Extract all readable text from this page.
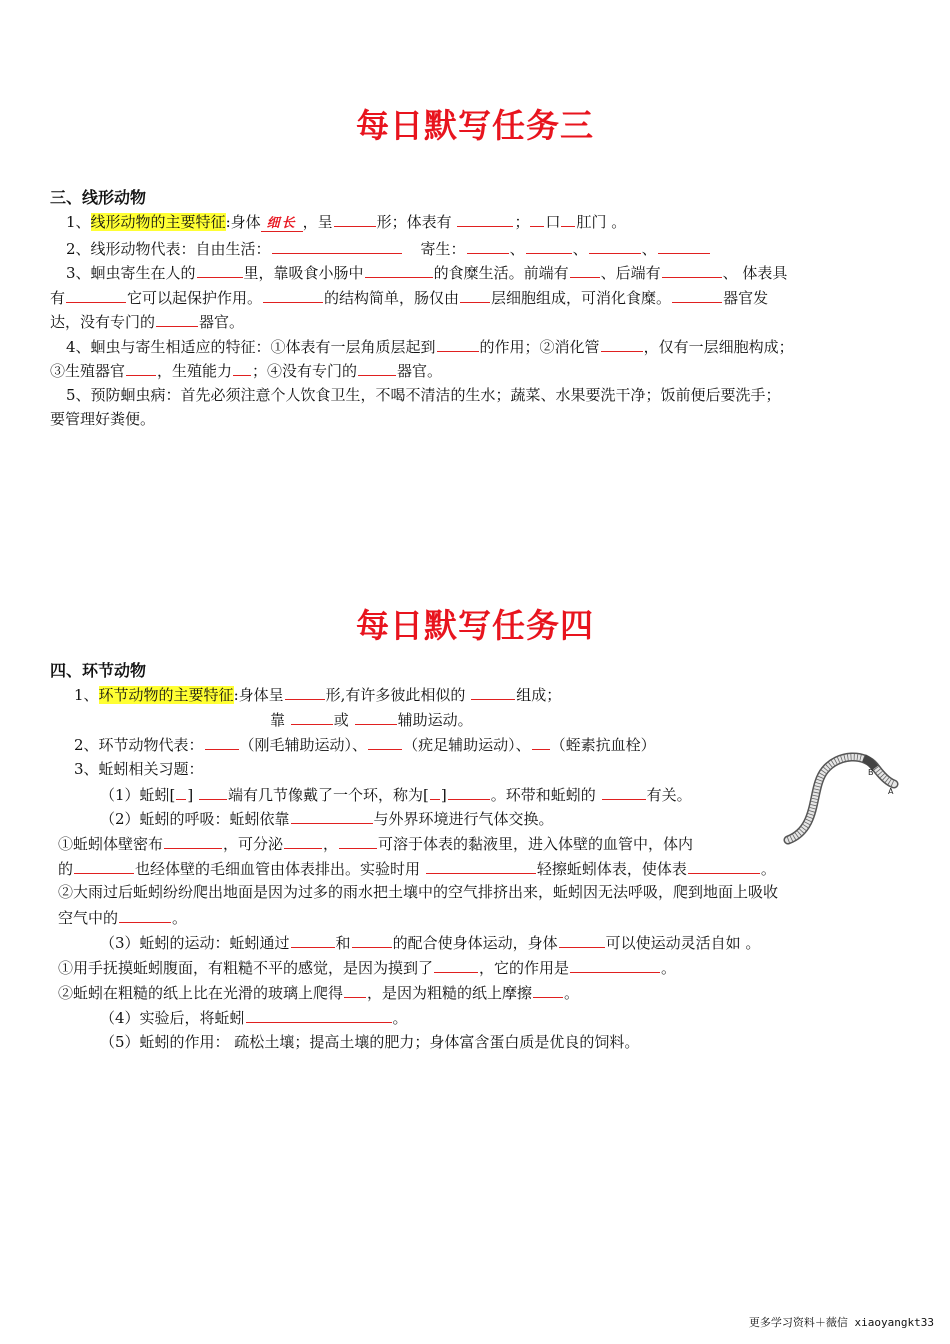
每日默写任务三
三、线形动物
1、线形动物的主要特征:身体 细长 ，呈	形；体表有	； 口 肛门 。
2、线形动物代表：自由生活：	寄生：	、	、	、
3、蛔虫寄生在人的	里，靠吸食小肠中	的食糜生活。前端有 、后端有	、 体表具
有	它可以起保护作用。	的结构简单，肠仅由 层细胞组成，可消化食糜。	器官发
达，没有专门的	器官。
4、蛔虫与寄生相适应的特征：①体表有一层角质层起到	的作用；②消化管	，仅有一层细胞构成；
③生殖器官 ，生殖能力 ；④没有专门的	器官。
5、预防蛔虫病：首先必须注意个人饮食卫生，不喝不清洁的生水；蔬菜、水果要洗干净；饭前便后要洗手；
要管理好粪便。
每日默写任务四
四、环节动物
1、环节动物的主要特征:身体呈	形,有许多彼此相似的	组成；
靠	或	辅助运动。
2、环节动物代表： （刚毛辅助运动）、 （疣足辅助运动）、 （蛭素抗血栓）
3、蚯蚓相关习题：
（1）蚯蚓[ ] 端有几节像戴了一个环，称为[ ]	。环带和蚯蚓的	有关。
（2）蚯蚓的呼吸：蚯蚓依靠	与外界环境进行气体交换。
①蚯蚓体壁密布	，可分泌	，	可溶于体表的黏液里，进入体壁的血管中，体内
的	也经体壁的毛细血管由体表排出。实验时用	轻擦蚯蚓体表，使体表	。
②大雨过后蚯蚓纷纷爬出地面是因为过多的雨水把土壤中的空气排挤出来，蚯蚓因无法呼吸，爬到地面上吸收
空气中的	。
（3）蚯蚓的运动：蚯蚓通过	和	的配合使身体运动，身体	可以使运动灵活自如 。
①用手抚摸蚯蚓腹面，有粗糙不平的感觉，是因为摸到了	，它的作用是	。
②蚯蚓在粗糙的纸上比在光滑的玻璃上爬得 ，是因为粗糙的纸上摩擦 。
（4）实验后，将蚯蚓	。
（5）蚯蚓的作用： 疏松土壤；提高土壤的肥力；身体富含蛋白质是优良的饲料。
B
A
更多学习资料＋薇信 xiaoyangkt33
